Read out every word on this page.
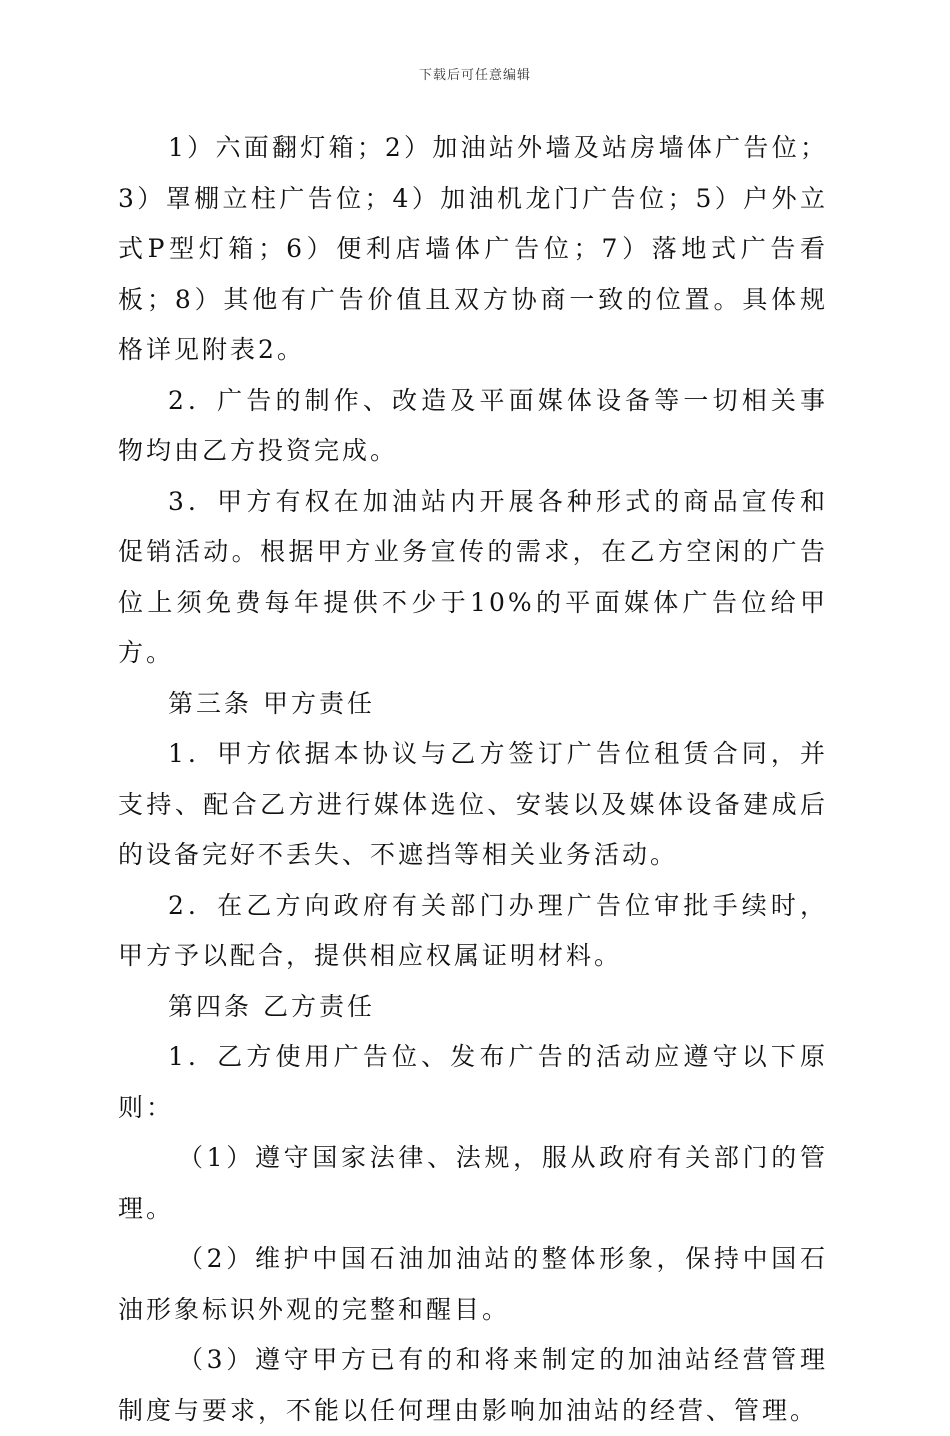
下载后可任意编辑

1）六面翻灯箱；2）加油站外墙及站房墙体广告位；3）罩棚立柱广告位；4）加油机龙门广告位；5）户外立式P型灯箱；6）便利店墙体广告位；7）落地式广告看板；8）其他有广告价值且双方协商一致的位置。具体规格详见附表2。

2．广告的制作、改造及平面媒体设备等一切相关事物均由乙方投资完成。

3．甲方有权在加油站内开展各种形式的商品宣传和促销活动。根据甲方业务宣传的需求，在乙方空闲的广告位上须免费每年提供不少于10%的平面媒体广告位给甲方。

第三条 甲方责任

1．甲方依据本协议与乙方签订广告位租赁合同，并支持、配合乙方进行媒体选位、安装以及媒体设备建成后的设备完好不丢失、不遮挡等相关业务活动。

2．在乙方向政府有关部门办理广告位审批手续时，甲方予以配合，提供相应权属证明材料。

第四条 乙方责任

1．乙方使用广告位、发布广告的活动应遵守以下原则：

（1）遵守国家法律、法规，服从政府有关部门的管理。

（2）维护中国石油加油站的整体形象，保持中国石油形象标识外观的完整和醒目。

（3）遵守甲方已有的和将来制定的加油站经营管理制度与要求，不能以任何理由影响加油站的经营、管理。
